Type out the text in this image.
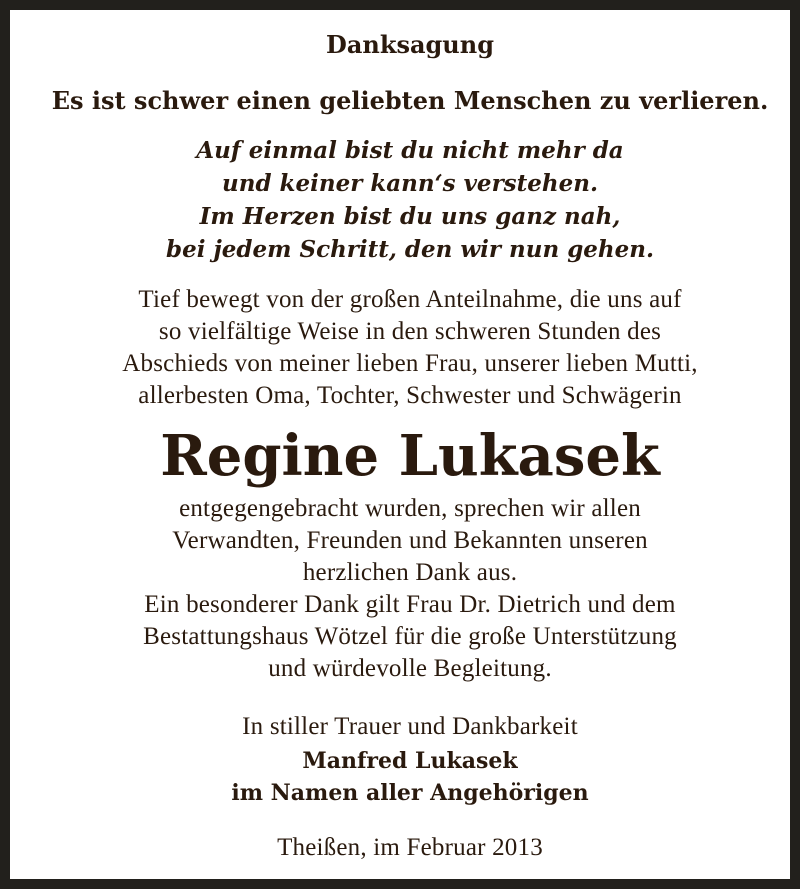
Danksagung
Es ist schwer einen geliebten Menschen zu verlieren.
Auf einmal bist du nicht mehr da
und keiner kann‘s verstehen.
Im Herzen bist du uns ganz nah,
bei jedem Schritt, den wir nun gehen.
Tief bewegt von der großen Anteilnahme, die uns auf
so vielfältige Weise in den schweren Stunden des
Abschieds von meiner lieben Frau, unserer lieben Mutti,
allerbesten Oma, Tochter, Schwester und Schwägerin
Regine Lukasek
entgegengebracht wurden, sprechen wir allen
Verwandten, Freunden und Bekannten unseren
herzlichen Dank aus.
Ein besonderer Dank gilt Frau Dr. Dietrich und dem
Bestattungshaus Wötzel für die große Unterstützung
und würdevolle Begleitung.
In stiller Trauer und Dankbarkeit
Manfred Lukasek
im Namen aller Angehörigen
Theißen, im Februar 2013
